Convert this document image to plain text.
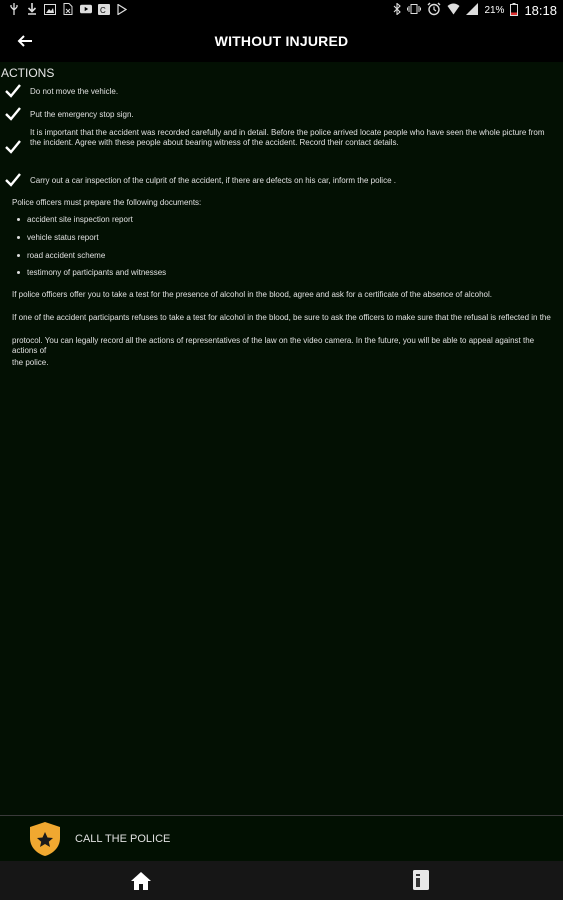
C	21% 18:18
WITHOUT INJURED
ACTIONS
Do not move the vehicle.
Put the emergency stop sign.
It is important that the accident was recorded carefully and in detail. Before the police arrived locate people who have seen the whole picture from the incident. Agree with these people about bearing witness of the accident. Record their contact details.
Carry out a car inspection of the culprit of the accident, if there are defects on his car, inform the police .
Police officers must prepare the following documents:
accident site inspection report
vehicle status report
road accident scheme
testimony of participants and witnesses
If police officers offer you to take a test for the presence of alcohol in the blood, agree and ask for a certificate of the absence of alcohol.
If one of the accident participants refuses to take a test for alcohol in the blood, be sure to ask the officers to make sure that the refusal is reflected in the
protocol. You can legally record all the actions of representatives of the law on the video camera. In the future, you will be able to appeal against the actions of
the police.
CALL THE POLICE
